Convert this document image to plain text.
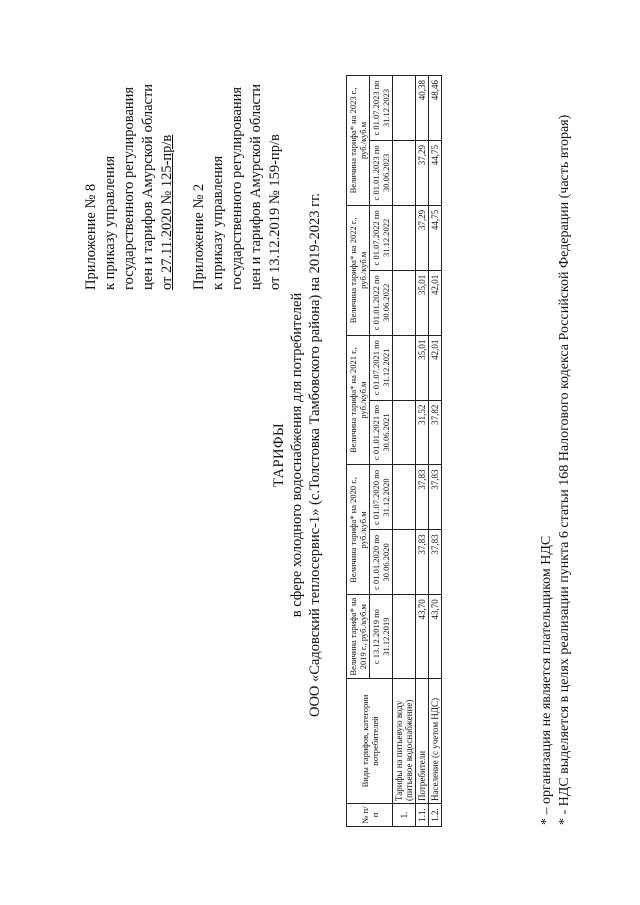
Приложение № 8 к приказу управления государственного регулирования цен и тарифов Амурской области от 27.11.2020 № 125-пр/в Приложение № 2 к приказу управления государственного регулирования цен и тарифов Амурской области от 13.12.2019 № 159-пр/в
ТАРИФЫ в сфере холодного водоснабжения для потребителей ООО «Садовский теплосервис-1» (с.Толстовка Тамбовского района) на 2019-2023 гг.
№ п/п	Виды тарифов, категории потребителей	Величина тарифа* на 2019 г., руб./куб.м	Величина тарифа* на 2020 г., руб./куб.м		Величина тарифа* на 2021 г., руб./куб.м		Величина тарифа* на 2022 г., руб./куб.м		Величина тарифа* на 2023 г., руб./куб.м	
		с 13.12.2019 по 31.12.2019	с 01.01.2020 по 30.06.2020	с 01.07.2020 по 31.12.2020	с 01.01.2021 по 30.06.2021	с 01.07.2021 по 31.12.2021	с 01.01.2022 по 30.06.2022	с 01.07.2022 по 31.12.2022	с 01.01.2023 по 30.06.2023	с 01.07.2023 по 31.12.2023
1.	Тарифы на питьевую воду (питьевое водоснабжение)									
1.1.	Потребители	43,70	37,83	37,83	31,52	35,01	35,01	37,29	37,29	40,38
1.2.	Население (с учетом НДС)	43,70	37,83	37,83	37,82	42,01	42,01	44,75	44,75	48,46
* – организация не является плательщиком НДС * - НДС выделяется в целях реализации пункта 6 статьи 168 Налогового кодекса Российской Федерации (часть вторая)
